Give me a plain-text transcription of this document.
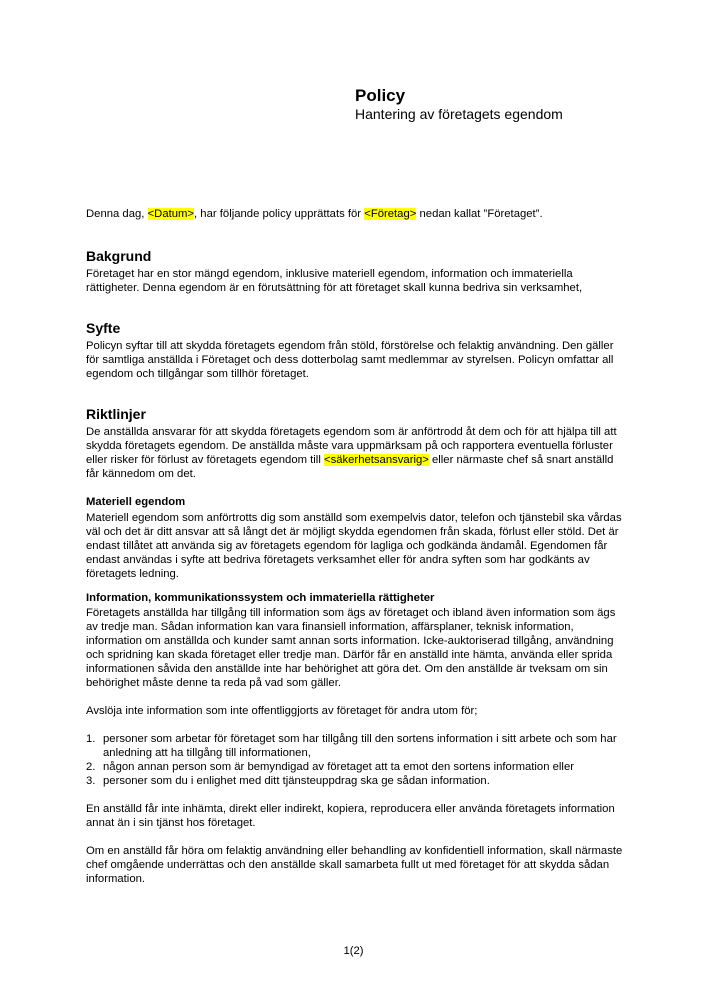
Policy
Hantering av företagets egendom

Denna dag, <Datum>, har följande policy upprättats för <Företag> nedan kallat ”Företaget”.

Bakgrund

Företaget har en stor mängd egendom, inklusive materiell egendom, information och immateriella rättigheter. Denna egendom är en förutsättning för att företaget skall kunna bedriva sin verksamhet,

Syfte

Policyn syftar till att skydda företagets egendom från stöld, förstörelse och felaktig användning. Den gäller för samtliga anställda i Företaget och dess dotterbolag samt medlemmar av styrelsen. Policyn omfattar all egendom och tillgångar som tillhör företaget.

Riktlinjer

De anställda ansvarar för att skydda företagets egendom som är anförtrodd åt dem och för att hjälpa till att skydda företagets egendom. De anställda måste vara uppmärksam på och rapportera eventuella förluster eller risker för förlust av företagets egendom till <säkerhetsansvarig> eller närmaste chef så snart anställd får kännedom om det.

Materiell egendom

Materiell egendom som anförtrotts dig som anställd som exempelvis dator, telefon och tjänstebil ska vårdas väl och det är ditt ansvar att så långt det är möjligt skydda egendomen från skada, förlust eller stöld. Det är endast tillåtet att använda sig av företagets egendom för lagliga och godkända ändamål. Egendomen får endast användas i syfte att bedriva företagets verksamhet eller för andra syften som har godkänts av företagets ledning.

Information, kommunikationssystem och immateriella rättigheter

Företagets anställda har tillgång till information som ägs av företaget och ibland även information som ägs av tredje man. Sådan information kan vara finansiell information, affärsplaner, teknisk information, information om anställda och kunder samt annan sorts information. Icke-auktoriserad tillgång, användning och spridning kan skada företaget eller tredje man. Därför får en anställd inte hämta, använda eller sprida informationen såvida den anställde inte har behörighet att göra det. Om den anställde är tveksam om sin behörighet måste denne ta reda på vad som gäller.

Avslöja inte information som inte offentliggjorts av företaget för andra utom för;

1. personer som arbetar för företaget som har tillgång till den sortens information i sitt arbete och som har anledning att ha tillgång till informationen,
2. någon annan person som är bemyndigad av företaget att ta emot den sortens information eller
3. personer som du i enlighet med ditt tjänsteuppdrag ska ge sådan information.

En anställd får inte inhämta, direkt eller indirekt, kopiera, reproducera eller använda företagets information annat än i sin tjänst hos företaget.

Om en anställd får höra om felaktig användning eller behandling av konfidentiell information, skall närmaste chef omgående underrättas och den anställde skall samarbeta fullt ut med företaget för att skydda sådan information.

1(2)
